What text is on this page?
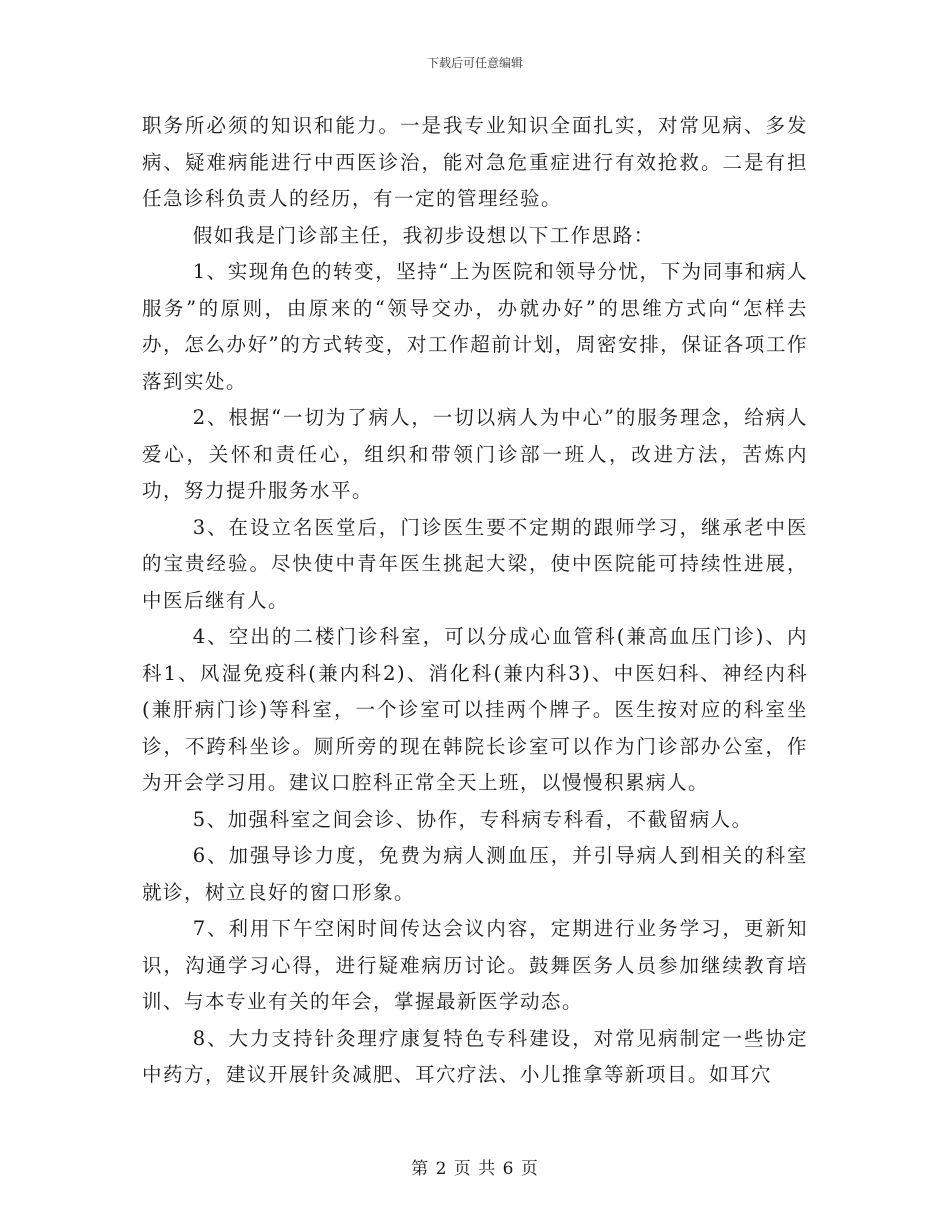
下载后可任意编辑

职务所必须的知识和能力。一是我专业知识全面扎实，对常见病、多发病、疑难病能进行中西医诊治，能对急危重症进行有效抢救。二是有担任急诊科负责人的经历，有一定的管理经验。

假如我是门诊部主任，我初步设想以下工作思路：

1、实现角色的转变，坚持“上为医院和领导分忧，下为同事和病人服务”的原则，由原来的“领导交办，办就办好”的思维方式向“怎样去办，怎么办好”的方式转变，对工作超前计划，周密安排，保证各项工作落到实处。

2、根据“一切为了病人，一切以病人为中心”的服务理念，给病人爱心，关怀和责任心，组织和带领门诊部一班人，改进方法，苦炼内功，努力提升服务水平。

3、在设立名医堂后，门诊医生要不定期的跟师学习，继承老中医的宝贵经验。尽快使中青年医生挑起大梁，使中医院能可持续性进展，中医后继有人。

4、空出的二楼门诊科室，可以分成心血管科(兼高血压门诊)、内科1、风湿免疫科(兼内科2)、消化科(兼内科3)、中医妇科、神经内科(兼肝病门诊)等科室，一个诊室可以挂两个牌子。医生按对应的科室坐诊，不跨科坐诊。厕所旁的现在韩院长诊室可以作为门诊部办公室，作为开会学习用。建议口腔科正常全天上班，以慢慢积累病人。

5、加强科室之间会诊、协作，专科病专科看，不截留病人。

6、加强导诊力度，免费为病人测血压，并引导病人到相关的科室就诊，树立良好的窗口形象。

7、利用下午空闲时间传达会议内容，定期进行业务学习，更新知识，沟通学习心得，进行疑难病历讨论。鼓舞医务人员参加继续教育培训、与本专业有关的年会，掌握最新医学动态。

8、大力支持针灸理疗康复特色专科建设，对常见病制定一些协定中药方，建议开展针灸减肥、耳穴疗法、小儿推拿等新项目。如耳穴

第 2 页 共 6 页
